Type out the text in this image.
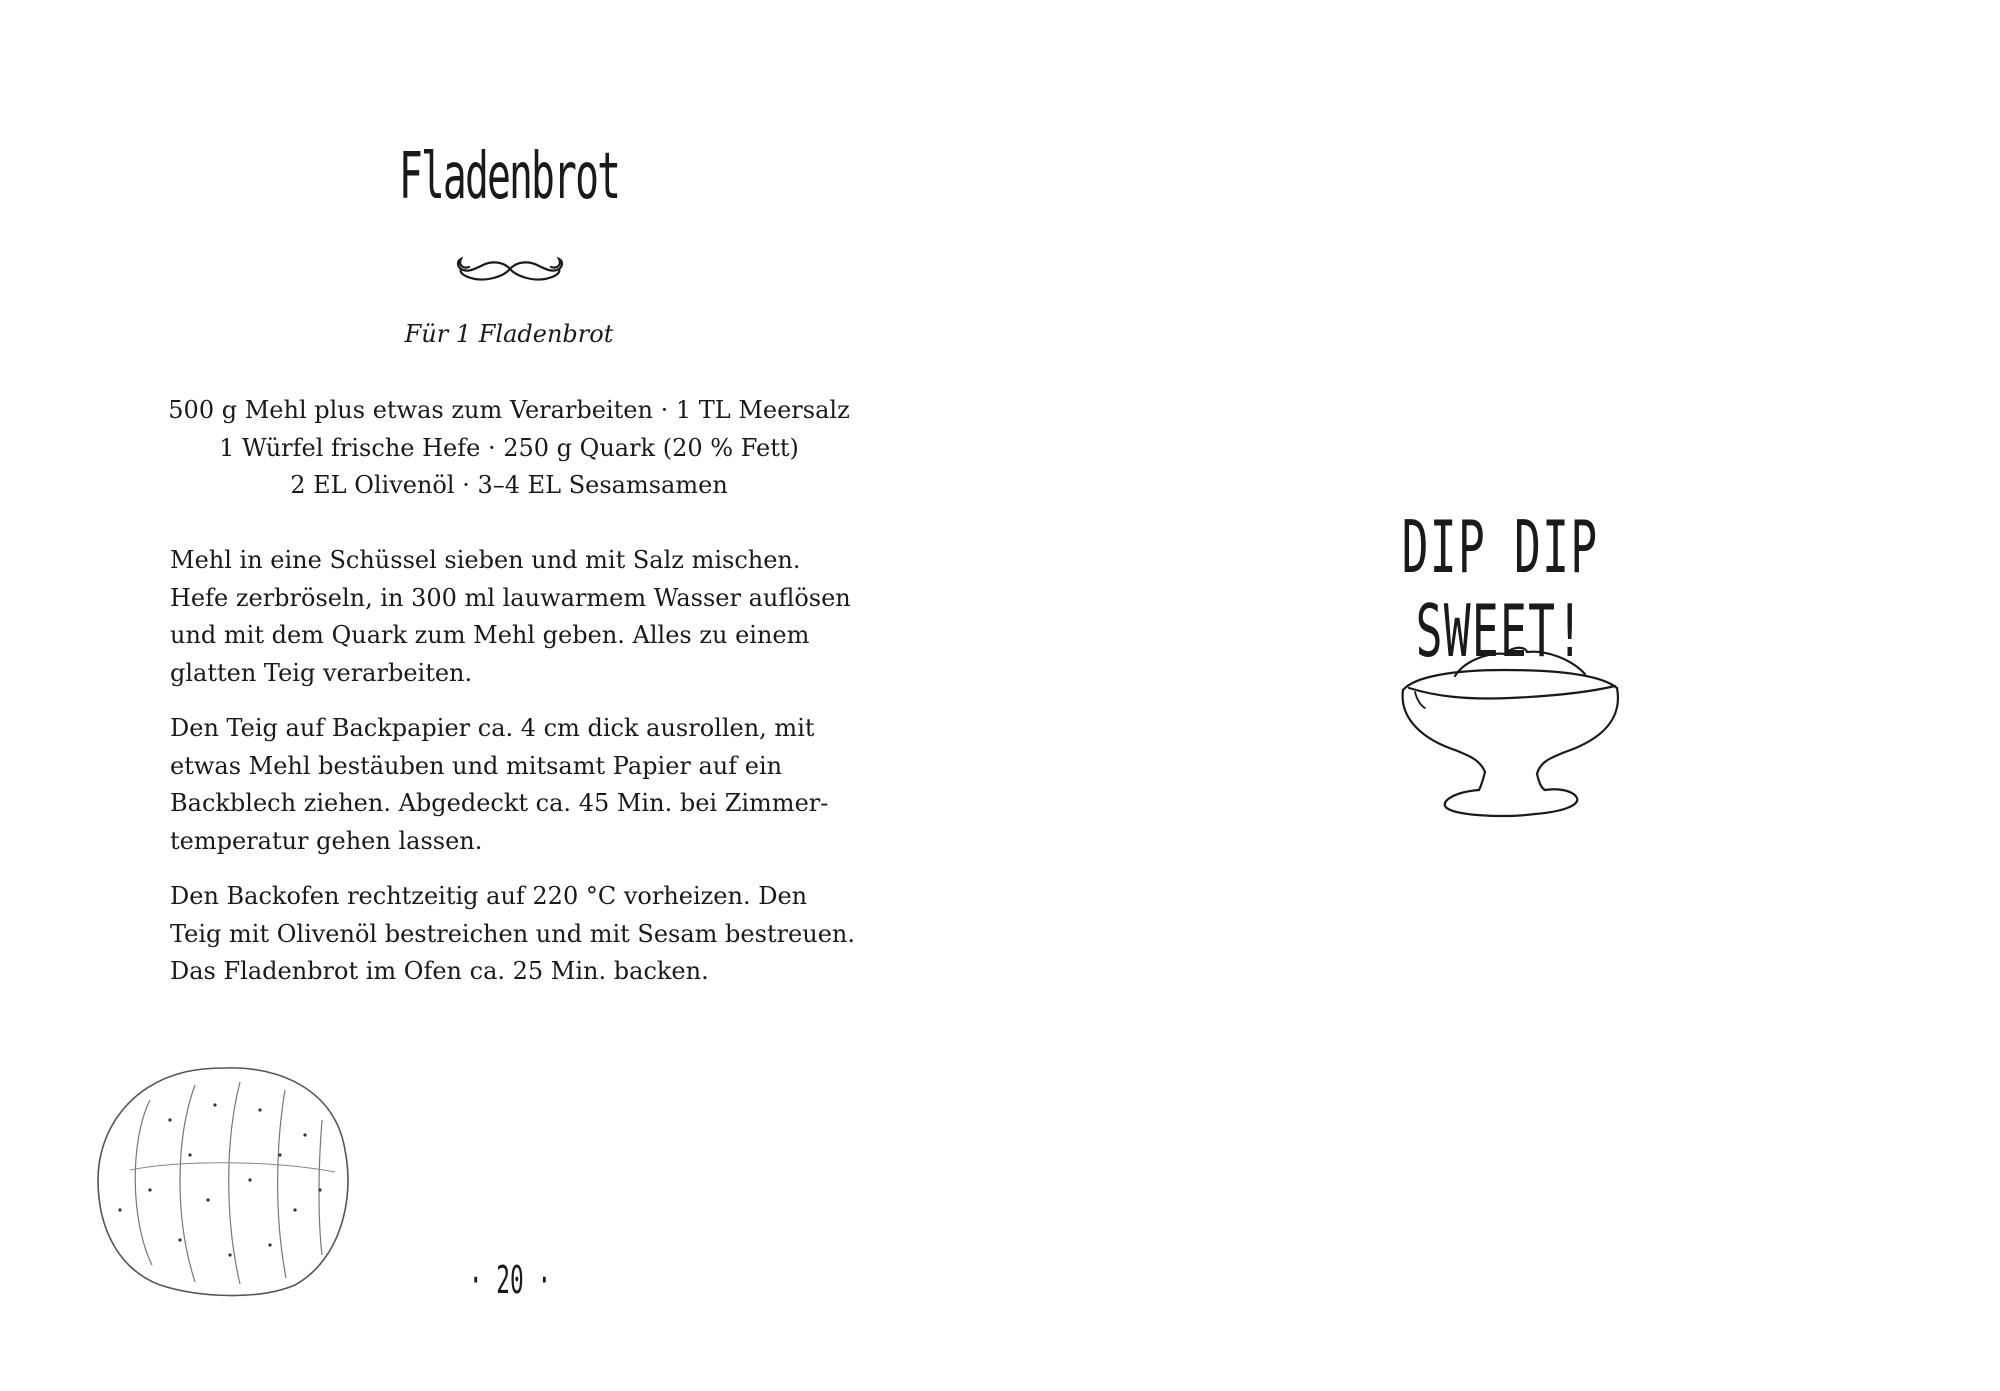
Fladenbrot
Für 1 Fladenbrot
500 g Mehl plus etwas zum Verarbeiten · 1 TL Meersalz
1 Würfel frische Hefe · 250 g Quark (20 % Fett)
2 EL Olivenöl · 3–4 EL Sesamsamen

Mehl in eine Schüssel sieben und mit Salz mischen.
Hefe zerbröseln, in 300 ml lauwarmem Wasser auflösen
und mit dem Quark zum Mehl geben. Alles zu einem
glatten Teig verarbeiten.

Den Teig auf Backpapier ca. 4 cm dick ausrollen, mit
etwas Mehl bestäuben und mitsamt Papier auf ein
Backblech ziehen. Abgedeckt ca. 45 Min. bei Zimmer-
temperatur gehen lassen.

Den Backofen rechtzeitig auf 220 °C vorheizen. Den
Teig mit Olivenöl bestreichen und mit Sesam bestreuen.
Das Fladenbrot im Ofen ca. 25 Min. backen.

· 20 ·
DIP DIP SWEET!
